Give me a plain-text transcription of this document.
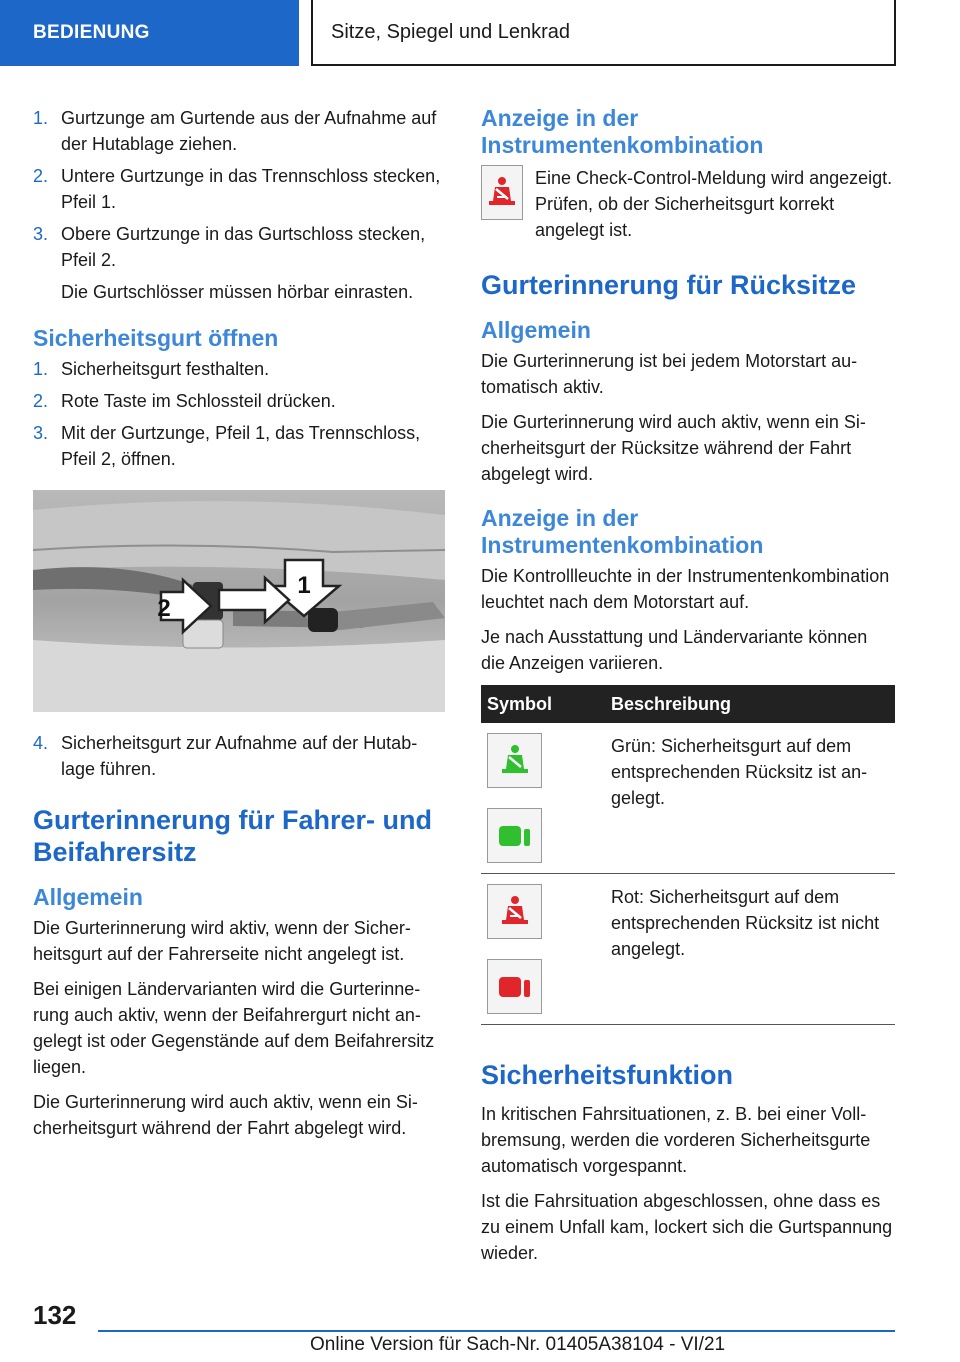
BEDIENUNG	Sitze, Spiegel und Lenkrad
1. Gurtzunge am Gurtende aus der Aufnahme auf der Hutablage ziehen.
2. Untere Gurtzunge in das Trennschloss stecken, Pfeil 1.
3. Obere Gurtzunge in das Gurtschloss stecken, Pfeil 2.
Die Gurtschlösser müssen hörbar einrasten.
Sicherheitsgurt öffnen
1. Sicherheitsgurt festhalten.
2. Rote Taste im Schlossteil drücken.
3. Mit der Gurtzunge, Pfeil 1, das Trennschloss, Pfeil 2, öffnen.
1
2
4. Sicherheitsgurt zur Aufnahme auf der Hutablage führen.
Gurterinnerung für Fahrer- und Beifahrersitz
Allgemein

Die Gurterinnerung wird aktiv, wenn der Sicherheitsgurt auf der Fahrerseite nicht angelegt ist.

Bei einigen Ländervarianten wird die Gurterinnerung auch aktiv, wenn der Beifahrergurt nicht angelegt ist oder Gegenstände auf dem Beifahrersitz liegen.

Die Gurterinnerung wird auch aktiv, wenn ein Sicherheitsgurt während der Fahrt abgelegt wird.

Anzeige in der Instrumentenkombination

Eine Check-Control-Meldung wird angezeigt. Prüfen, ob der Sicherheitsgurt korrekt angelegt ist.

Gurterinnerung für Rücksitze
Allgemein

Die Gurterinnerung ist bei jedem Motorstart automatisch aktiv.

Die Gurterinnerung wird auch aktiv, wenn ein Sicherheitsgurt der Rücksitze während der Fahrt abgelegt wird.

Anzeige in der Instrumentenkombination

Die Kontrollleuchte in der Instrumentenkombination leuchtet nach dem Motorstart auf.

Je nach Ausstattung und Ländervariante können die Anzeigen variieren.

Symbol	Beschreibung

	Grün: Sicherheitsgurt auf dem entsprechenden Rücksitz ist angelegt.

	Rot: Sicherheitsgurt auf dem entsprechenden Rücksitz ist nicht angelegt.
Sicherheitsfunktion

In kritischen Fahrsituationen, z. B. bei einer Vollbremsung, werden die vorderen Sicherheitsgurte automatisch vorgespannt.

Ist die Fahrsituation abgeschlossen, ohne dass es zu einem Unfall kam, lockert sich die Gurtspannung wieder.

132
Online Version für Sach-Nr. 01405A38104 - VI/21
